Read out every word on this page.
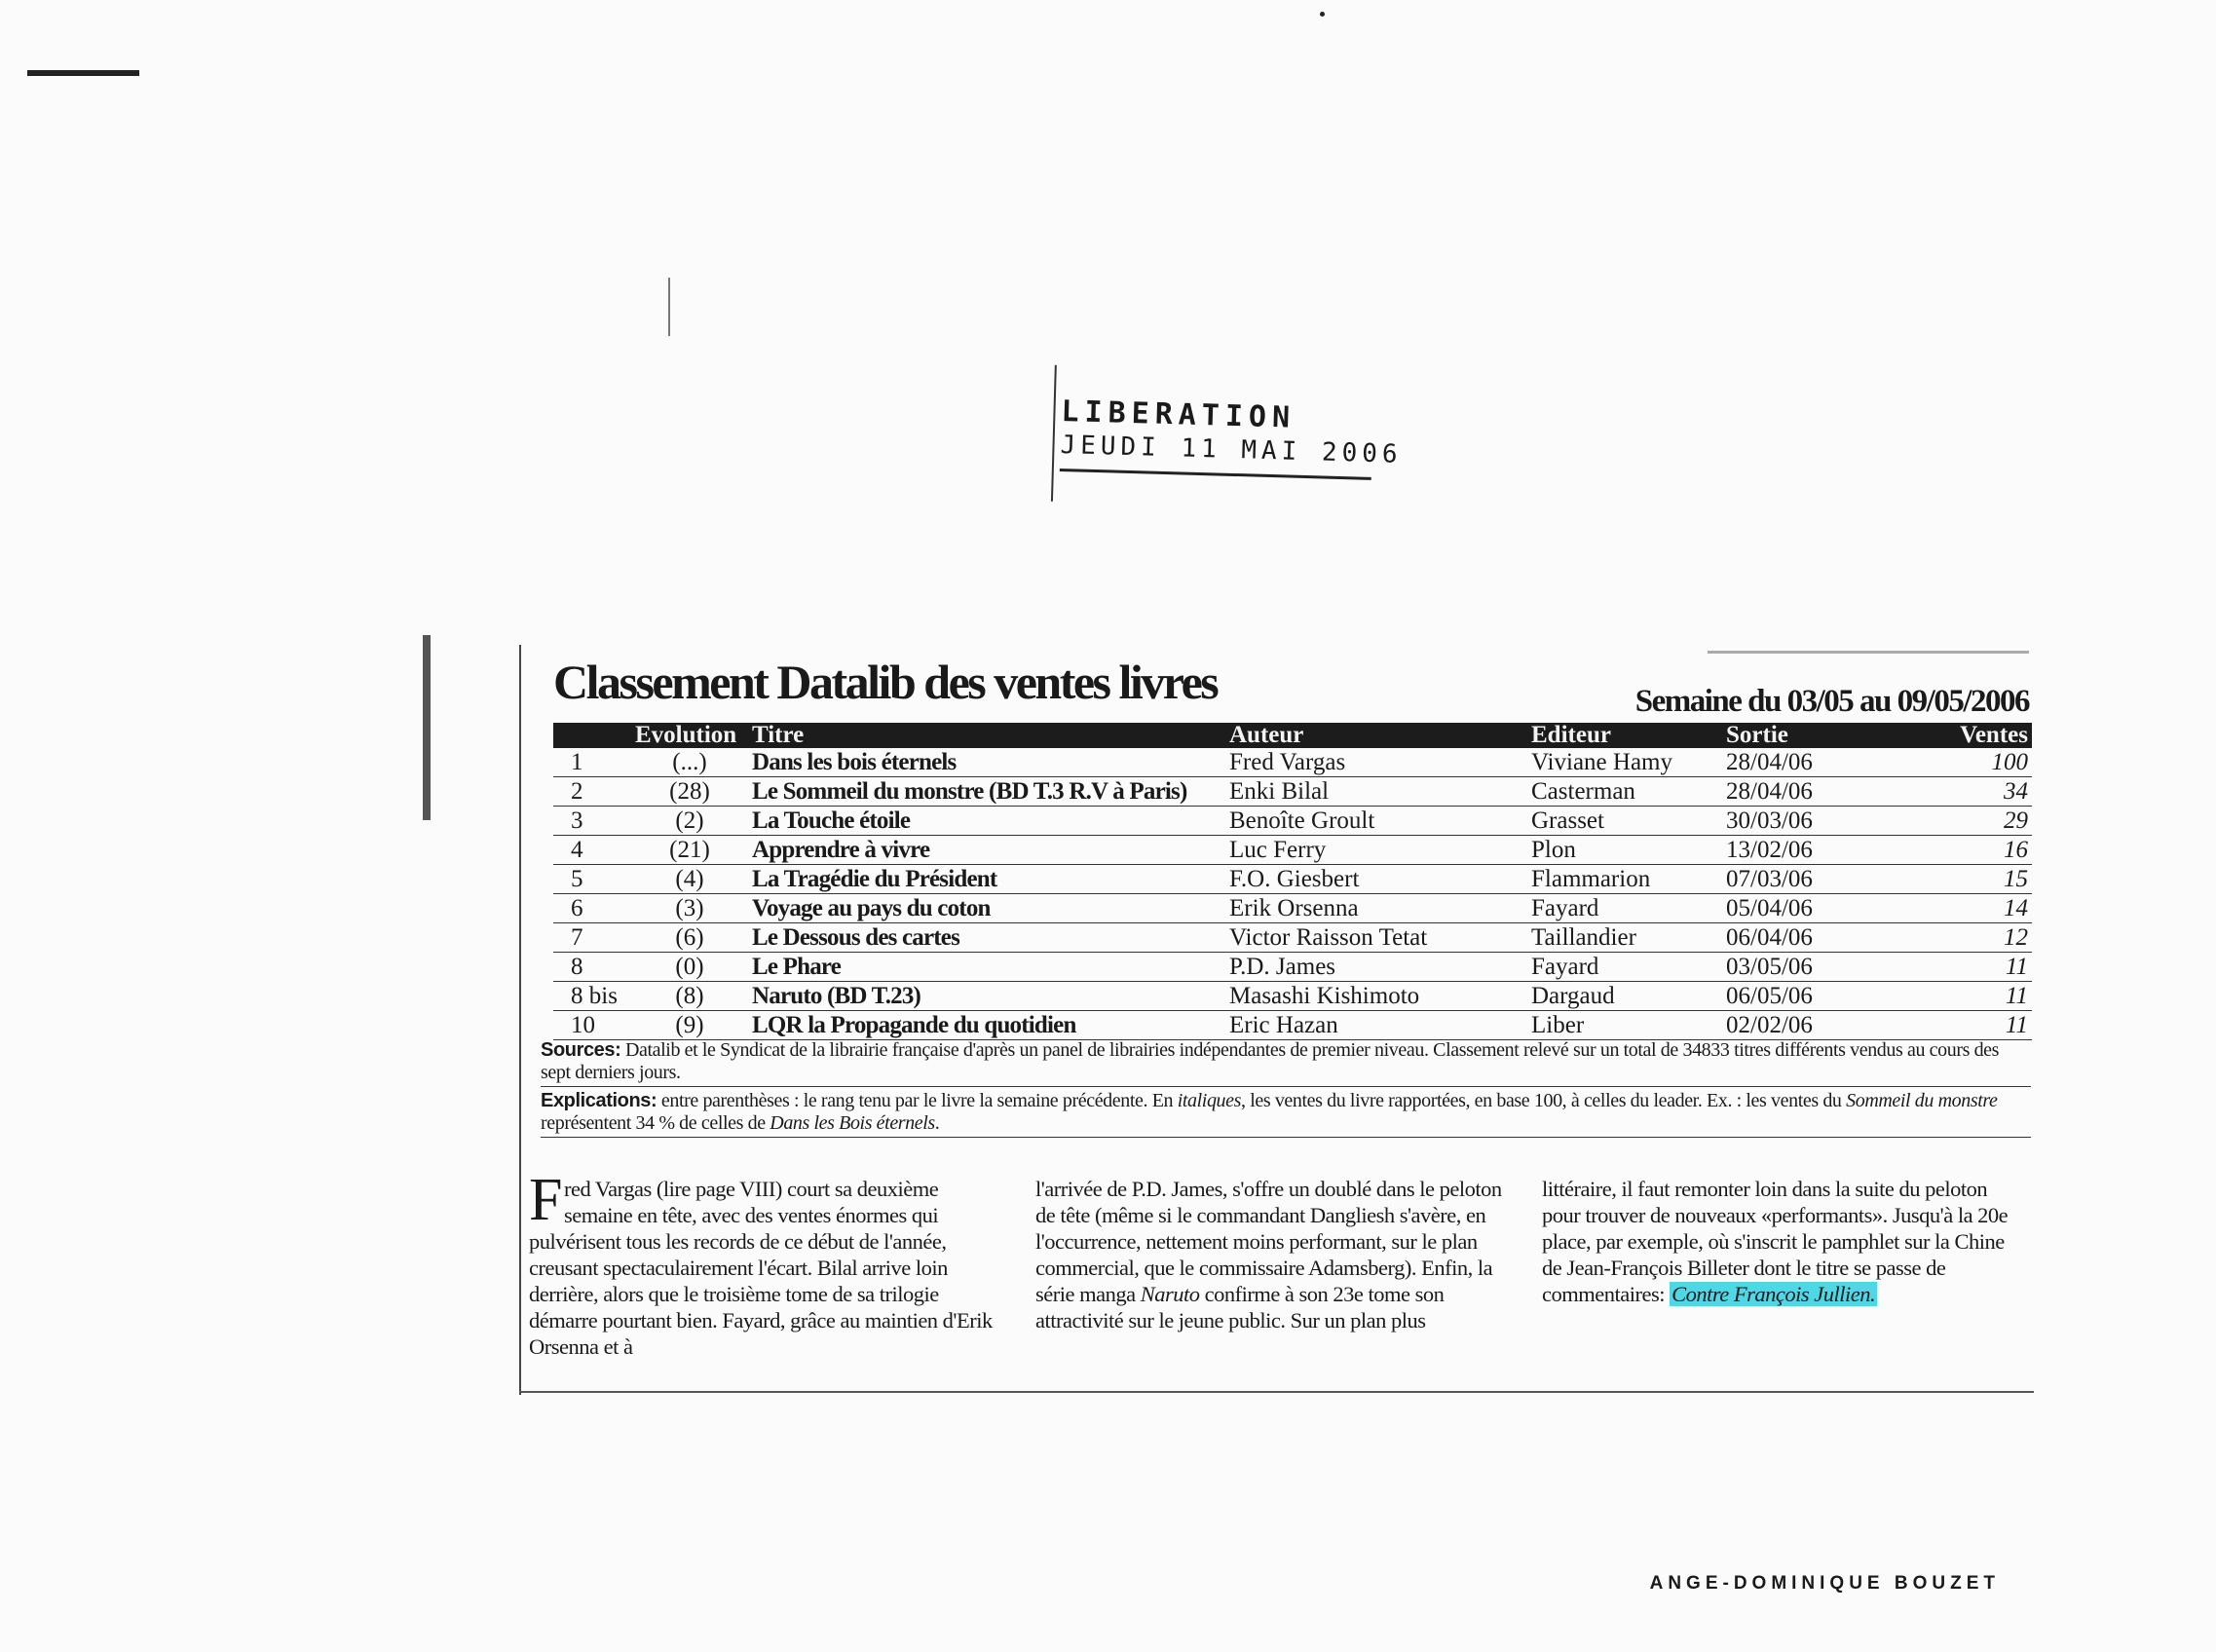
LIBERATION
JEUDI 11 MAI 2006
Classement Datalib des ventes livres	Semaine du 03/05 au 09/05/2006
	Evolution	Titre	Auteur	Editeur	Sortie	Ventes
1	(...)	Dans les bois éternels	Fred Vargas	Viviane Hamy	28/04/06	100
2	(28)	Le Sommeil du monstre (BD T.3 R.V à Paris)	Enki Bilal	Casterman	28/04/06	34
3	(2)	La Touche étoile	Benoîte Groult	Grasset	30/03/06	29
4	(21)	Apprendre à vivre	Luc Ferry	Plon	13/02/06	16
5	(4)	La Tragédie du Président	F.O. Giesbert	Flammarion	07/03/06	15
6	(3)	Voyage au pays du coton	Erik Orsenna	Fayard	05/04/06	14
7	(6)	Le Dessous des cartes	Victor Raisson Tetat	Taillandier	06/04/06	12
8	(0)	Le Phare	P.D. James	Fayard	03/05/06	11
8 bis	(8)	Naruto (BD T.23)	Masashi Kishimoto	Dargaud	06/05/06	11
10	(9)	LQR la Propagande du quotidien	Eric Hazan	Liber	02/02/06	11

Sources: Datalib et le Syndicat de la librairie française d'après un panel de librairies indépendantes de premier niveau. Classement relevé sur un total de 34833 titres différents vendus au cours des sept derniers jours.

Explications: entre parenthèses : le rang tenu par le livre la semaine précédente. En italiques, les ventes du livre rapportées, en base 100, à celles du leader. Ex. : les ventes du Sommeil du monstre représentent 34 % de celles de Dans les Bois éternels.

Fred Vargas (lire page VIII) court sa deuxième semaine en tête, avec des ventes énormes qui pulvérisent tous les records de ce début de l'année, creusant spectaculairement l'écart. Bilal arrive loin derrière, alors que le troisième tome de sa trilogie démarre pourtant bien. Fayard, grâce au maintien d'Erik Orsenna et à
l'arrivée de P.D. James, s'offre un doublé dans le peloton de tête (même si le commandant Dangliesh s'avère, en l'occurrence, nettement moins performant, sur le plan commercial, que le commissaire Adamsberg). Enfin, la série manga Naruto confirme à son 23e tome son attractivité sur le jeune public. Sur un plan plus
littéraire, il faut remonter loin dans la suite du peloton pour trouver de nouveaux «performants». Jusqu'à la 20e place, par exemple, où s'inscrit le pamphlet sur la Chine de Jean-François Billeter dont le titre se passe de commentaires: Contre François Jullien.
ANGE-DOMINIQUE BOUZET
